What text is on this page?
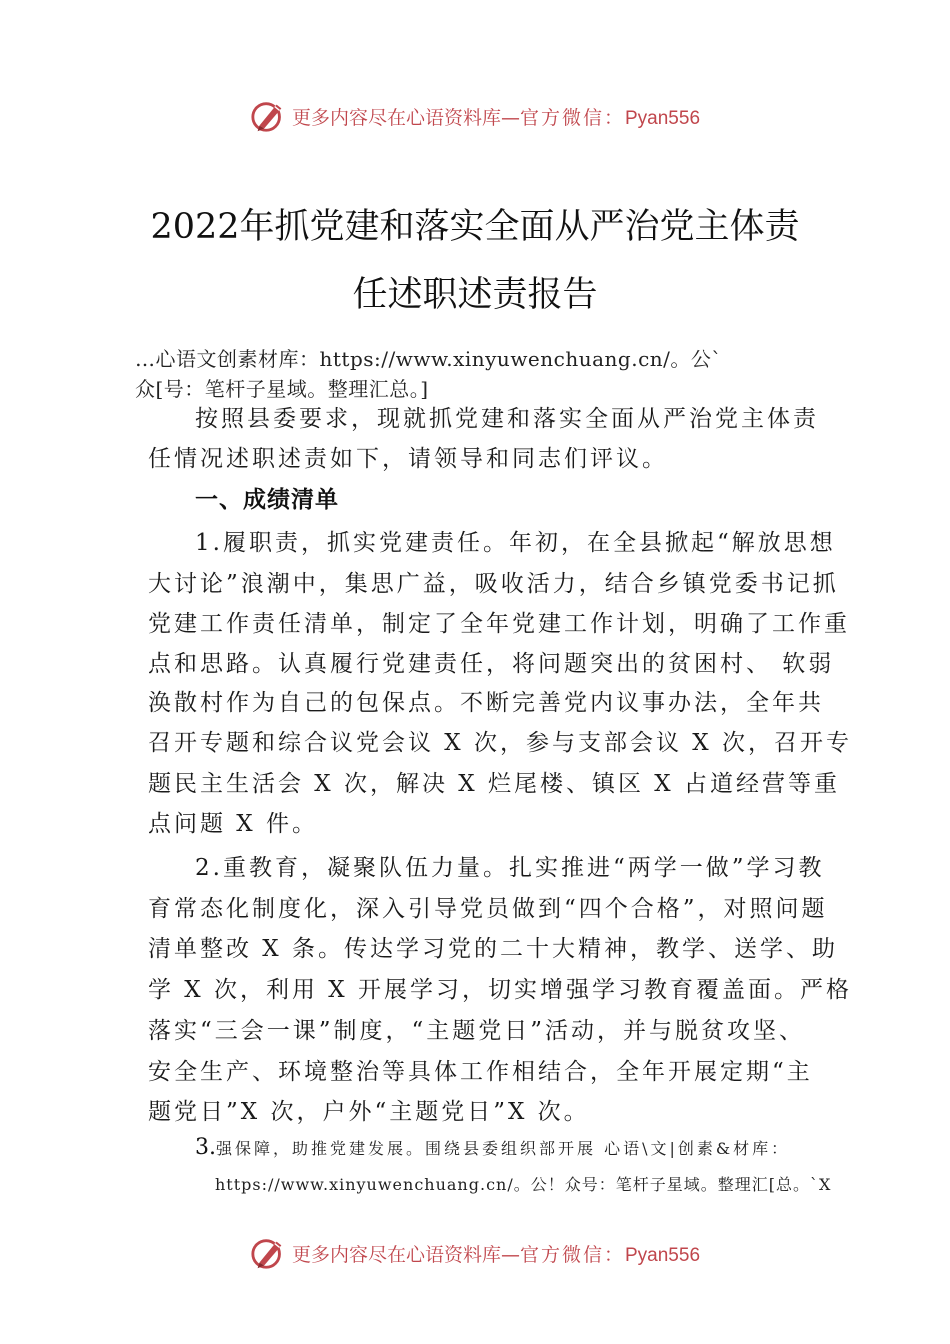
更多内容尽在心语资料库—官方微信：Pyan556
2022年抓党建和落实全面从严治党主体责
任述职述责报告
…心语文创素材库：https://www.xinyuwenchuang.cn/。公`
众[号：笔杆子星域。整理汇总。]
按照县委要求，现就抓党建和落实全面从严治党主体责
任情况述职述责如下，请领导和同志们评议。
一、成绩清单
1.履职责，抓实党建责任。年初，在全县掀起“解放思想
大讨论”浪潮中，集思广益，吸收活力，结合乡镇党委书记抓
党建工作责任清单，制定了全年党建工作计划，明确了工作重
点和思路。认真履行党建责任，将问题突出的贫困村、 软弱
涣散村作为自己的包保点。不断完善党内议事办法，全年共
召开专题和综合议党会议 X 次，参与支部会议 X 次，召开专
题民主生活会 X 次，解决 X 烂尾楼、镇区 X 占道经营等重
点问题 X 件。
2.重教育，凝聚队伍力量。扎实推进“两学一做”学习教
育常态化制度化，深入引导党员做到“四个合格”，对照问题
清单整改 X 条。传达学习党的二十大精神，教学、送学、助
学 X 次，利用 X 开展学习，切实增强学习教育覆盖面。严格
落实“三会一课”制度，“主题党日”活动，并与脱贫攻坚、
安全生产、环境整治等具体工作相结合，全年开展定期“主
题党日”X 次，户外“主题党日”X 次。
3.强保障，助推党建发展。围绕县委组织部开展 心语\文|创素&材库：
https://www.xinyuwenchuang.cn/。公！众号：笔杆子星域。整理汇[总。`X
更多内容尽在心语资料库—官方微信：Pyan556
